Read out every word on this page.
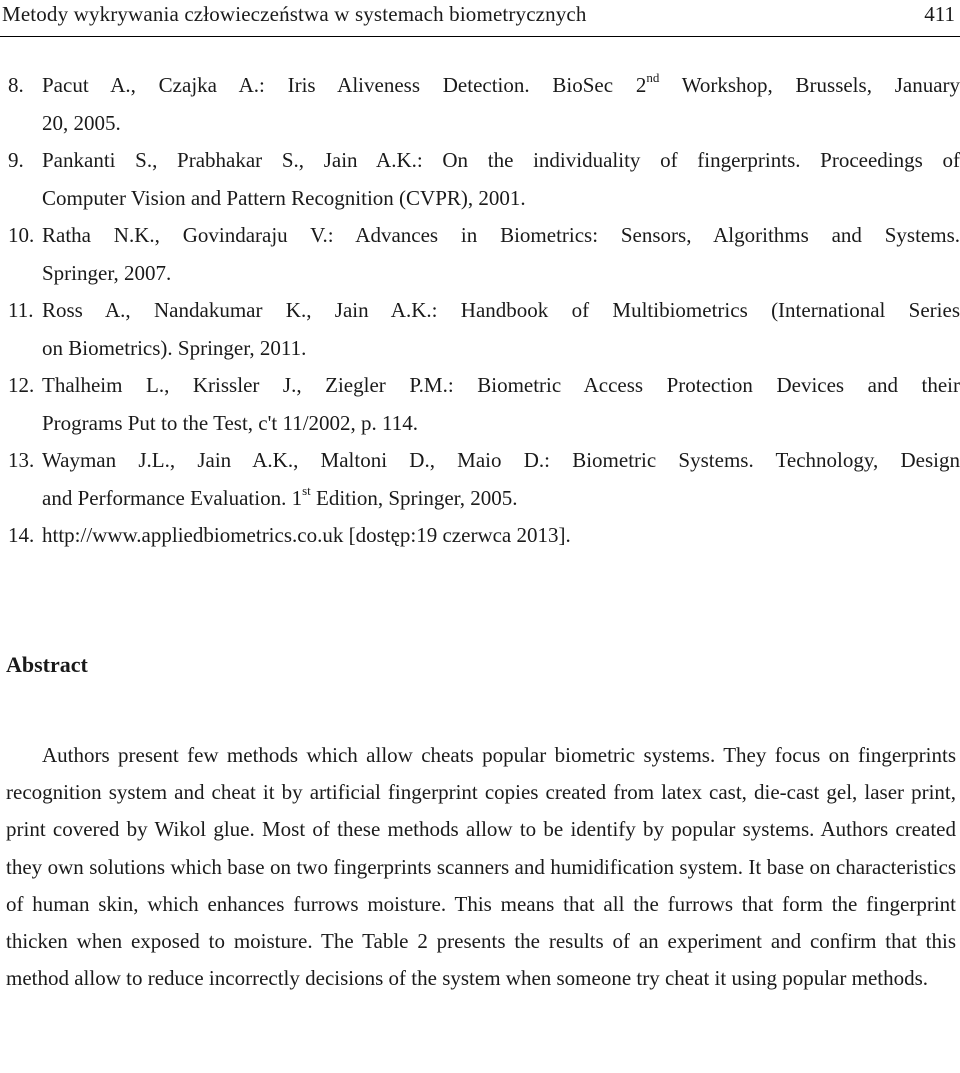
Metody wykrywania człowieczeństwa w systemach biometrycznych	411
8. Pacut A., Czajka A.: Iris Aliveness Detection. BioSec 2nd Workshop, Brussels, January
20, 2005.
9. Pankanti S., Prabhakar S., Jain A.K.: On the individuality of fingerprints. Proceedings of
Computer Vision and Pattern Recognition (CVPR), 2001.
10. Ratha N.K., Govindaraju V.: Advances in Biometrics: Sensors, Algorithms and Systems.
Springer, 2007.
11. Ross A., Nandakumar K., Jain A.K.: Handbook of Multibiometrics (International Series
on Biometrics). Springer, 2011.
12. Thalheim L., Krissler J., Ziegler P.M.: Biometric Access Protection Devices and their
Programs Put to the Test, c't 11/2002, p. 114.
13. Wayman J.L., Jain A.K., Maltoni D., Maio D.: Biometric Systems. Technology, Design
and Performance Evaluation. 1st Edition, Springer, 2005.
14. http://www.appliedbiometrics.co.uk [dostęp:19 czerwca 2013].
Abstract
Authors present few methods which allow cheats popular biometric systems. They focus on fingerprints recognition system and cheat it by artificial fingerprint copies created from latex cast, die-cast gel, laser print, print covered by Wikol glue. Most of these methods allow to be identify by popular systems. Authors created they own solutions which base on two fingerprints scanners and humidification system. It base on characteristics of human skin, which enhances furrows moisture. This means that all the furrows that form the fingerprint thicken when exposed to moisture. The Table 2 presents the results of an experiment and confirm that this method allow to reduce incorrectly decisions of the system when someone try cheat it using popular methods.
